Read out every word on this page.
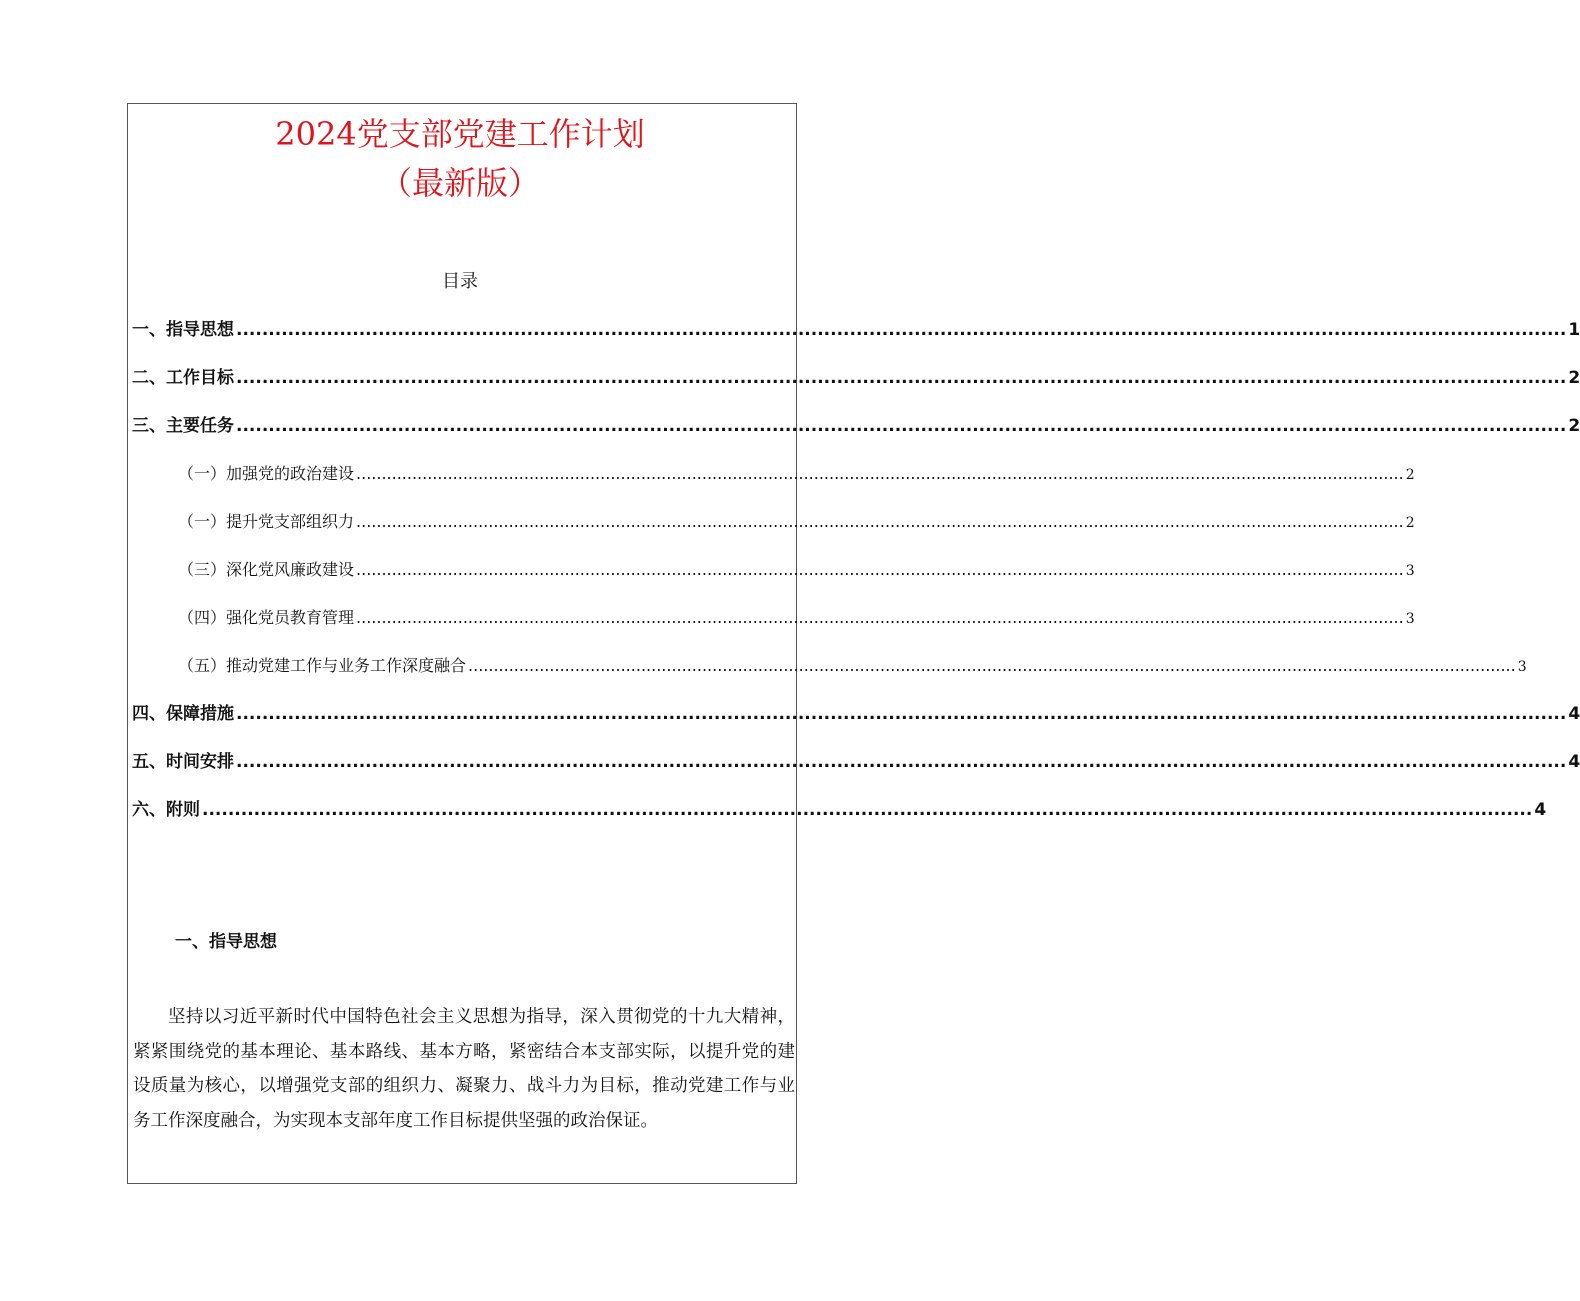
2024党支部党建工作计划
（最新版）
目录
一、指导思想 .............................................................................................................................................................................................................. 1
二、工作目标 .............................................................................................................................................................................................................. 2
三、主要任务 .............................................................................................................................................................................................................. 2
（一）加强党的政治建设 .............................................................................................................................................................................................................. 2
（一）提升党支部组织力 .............................................................................................................................................................................................................. 2
（三）深化党风廉政建设 .............................................................................................................................................................................................................. 3
（四）强化党员教育管理 .............................................................................................................................................................................................................. 3
（五）推动党建工作与业务工作深度融合 .............................................................................................................................................................................................................. 3
四、保障措施 .............................................................................................................................................................................................................. 4
五、时间安排 .............................................................................................................................................................................................................. 4
六、附则 .............................................................................................................................................................................................................. 4
一、指导思想

坚持以习近平新时代中国特色社会主义思想为指导，深入贯彻党的十九大精神，紧紧围绕党的基本理论、基本路线、基本方略，紧密结合本支部实际，以提升党的建设质量为核心，以增强党支部的组织力、凝聚力、战斗力为目标，推动党建工作与业务工作深度融合，为实现本支部年度工作目标提供坚强的政治保证。
